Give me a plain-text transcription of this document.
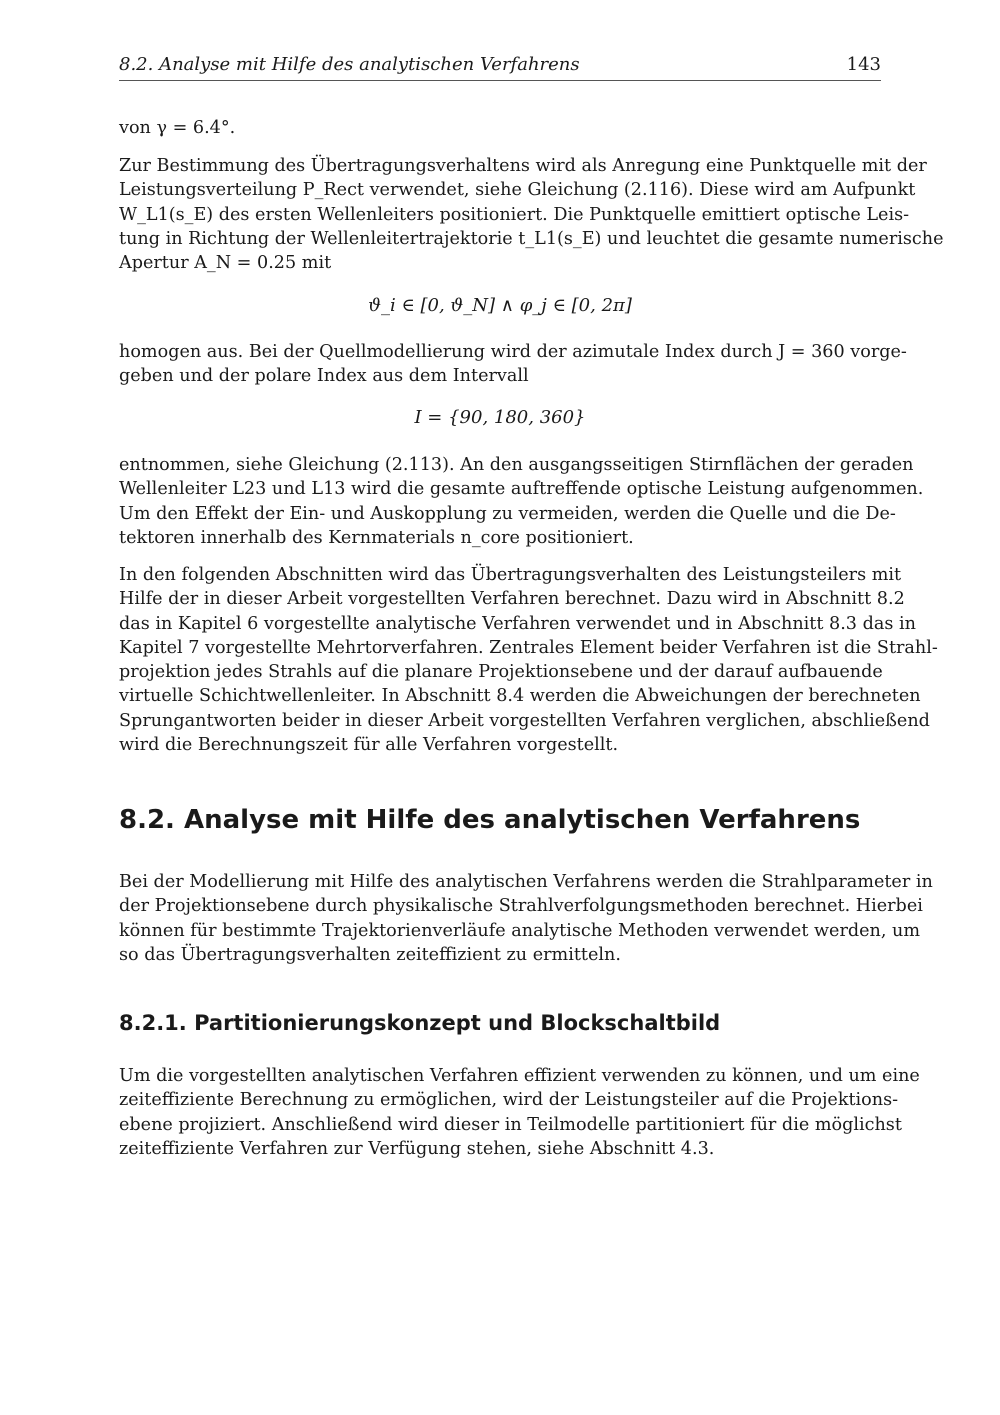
8.2. Analyse mit Hilfe des analytischen Verfahrens	143

von γ = 6.4°.

Zur Bestimmung des Übertragungsverhaltens wird als Anregung eine Punktquelle mit der
Leistungsverteilung P_Rect verwendet, siehe Gleichung (2.116). Diese wird am Aufpunkt
W_L1(s_E) des ersten Wellenleiters positioniert. Die Punktquelle emittiert optische Leis-
tung in Richtung der Wellenleitertrajektorie t_L1(s_E) und leuchtet die gesamte numerische
Apertur A_N = 0.25 mit

ϑ_i ∈ [0, ϑ_N] ∧ φ_j ∈ [0, 2π]

homogen aus. Bei der Quellmodellierung wird der azimutale Index durch J = 360 vorge-
geben und der polare Index aus dem Intervall

I = {90, 180, 360}

entnommen, siehe Gleichung (2.113). An den ausgangsseitigen Stirnflächen der geraden
Wellenleiter L23 und L13 wird die gesamte auftreffende optische Leistung aufgenommen.
Um den Effekt der Ein- und Auskopplung zu vermeiden, werden die Quelle und die De-
tektoren innerhalb des Kernmaterials n_core positioniert.

In den folgenden Abschnitten wird das Übertragungsverhalten des Leistungsteilers mit
Hilfe der in dieser Arbeit vorgestellten Verfahren berechnet. Dazu wird in Abschnitt 8.2
das in Kapitel 6 vorgestellte analytische Verfahren verwendet und in Abschnitt 8.3 das in
Kapitel 7 vorgestellte Mehrtorverfahren. Zentrales Element beider Verfahren ist die Strahl-
projektion jedes Strahls auf die planare Projektionsebene und der darauf aufbauende
virtuelle Schichtwellenleiter. In Abschnitt 8.4 werden die Abweichungen der berechneten
Sprungantworten beider in dieser Arbeit vorgestellten Verfahren verglichen, abschließend
wird die Berechnungszeit für alle Verfahren vorgestellt.

8.2. Analyse mit Hilfe des analytischen Verfahrens

Bei der Modellierung mit Hilfe des analytischen Verfahrens werden die Strahlparameter in
der Projektionsebene durch physikalische Strahlverfolgungsmethoden berechnet. Hierbei
können für bestimmte Trajektorienverläufe analytische Methoden verwendet werden, um
so das Übertragungsverhalten zeiteffizient zu ermitteln.

8.2.1. Partitionierungskonzept und Blockschaltbild

Um die vorgestellten analytischen Verfahren effizient verwenden zu können, und um eine
zeiteffiziente Berechnung zu ermöglichen, wird der Leistungsteiler auf die Projektions-
ebene projiziert. Anschließend wird dieser in Teilmodelle partitioniert für die möglichst
zeiteffiziente Verfahren zur Verfügung stehen, siehe Abschnitt 4.3.
